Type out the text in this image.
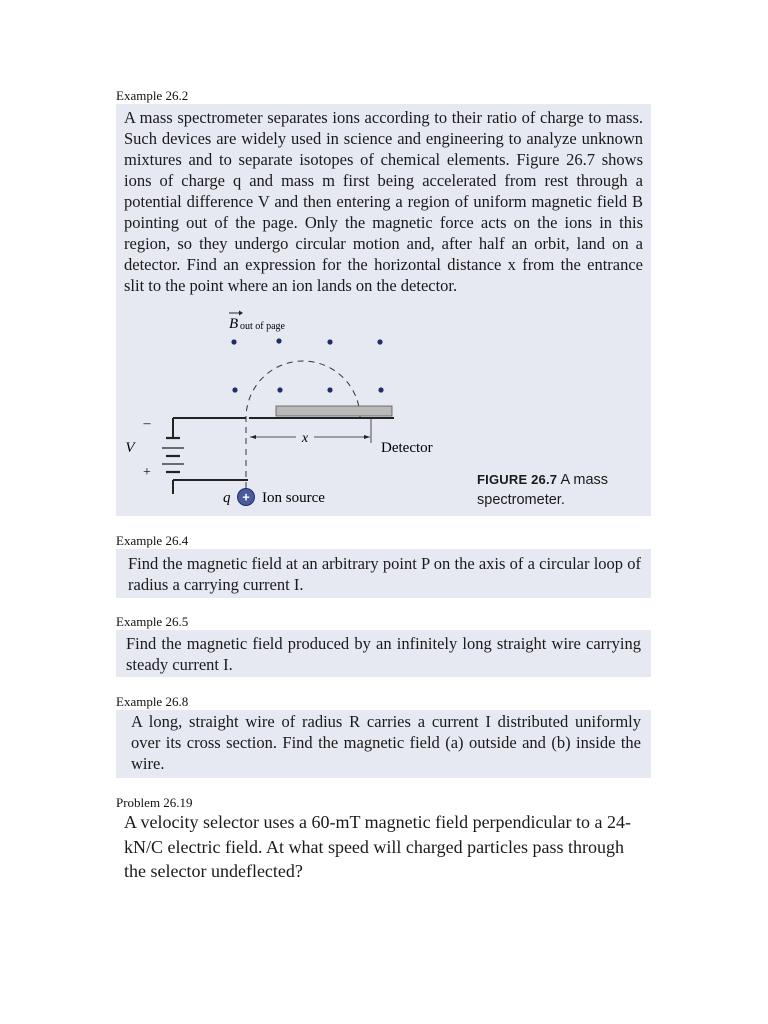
Example 26.2

A mass spectrometer separates ions according to their ratio of charge to mass. Such devices are widely used in science and engineering to analyze unknown mixtures and to separate isotopes of chemical elements. Figure 26.7 shows ions of charge q and mass m first being accelerated from rest through a potential difference V and then entering a region of uniform magnetic field B pointing out of the page. Only the magnetic force acts on the ions in this region, so they undergo circular motion and, after half an orbit, land on a detector. Find an expression for the horizontal distance x from the entrance slit to the point where an ion lands on the detector.

B out of page
x
Detector
–
V
+
q + Ion source
FIGURE 26.7 A mass spectrometer.
Example 26.4

Find the magnetic field at an arbitrary point P on the axis of a circular loop of radius a carrying current I.

Example 26.5

Find the magnetic field produced by an infinitely long straight wire carrying steady current I.

Example 26.8

A long, straight wire of radius R carries a current I distributed uniformly over its cross section. Find the magnetic field (a) outside and (b) inside the wire.

Problem 26.19
A velocity selector uses a 60-mT magnetic field perpendicular to a 24-kN/C electric field. At what speed will charged particles pass through the selector undeflected?
